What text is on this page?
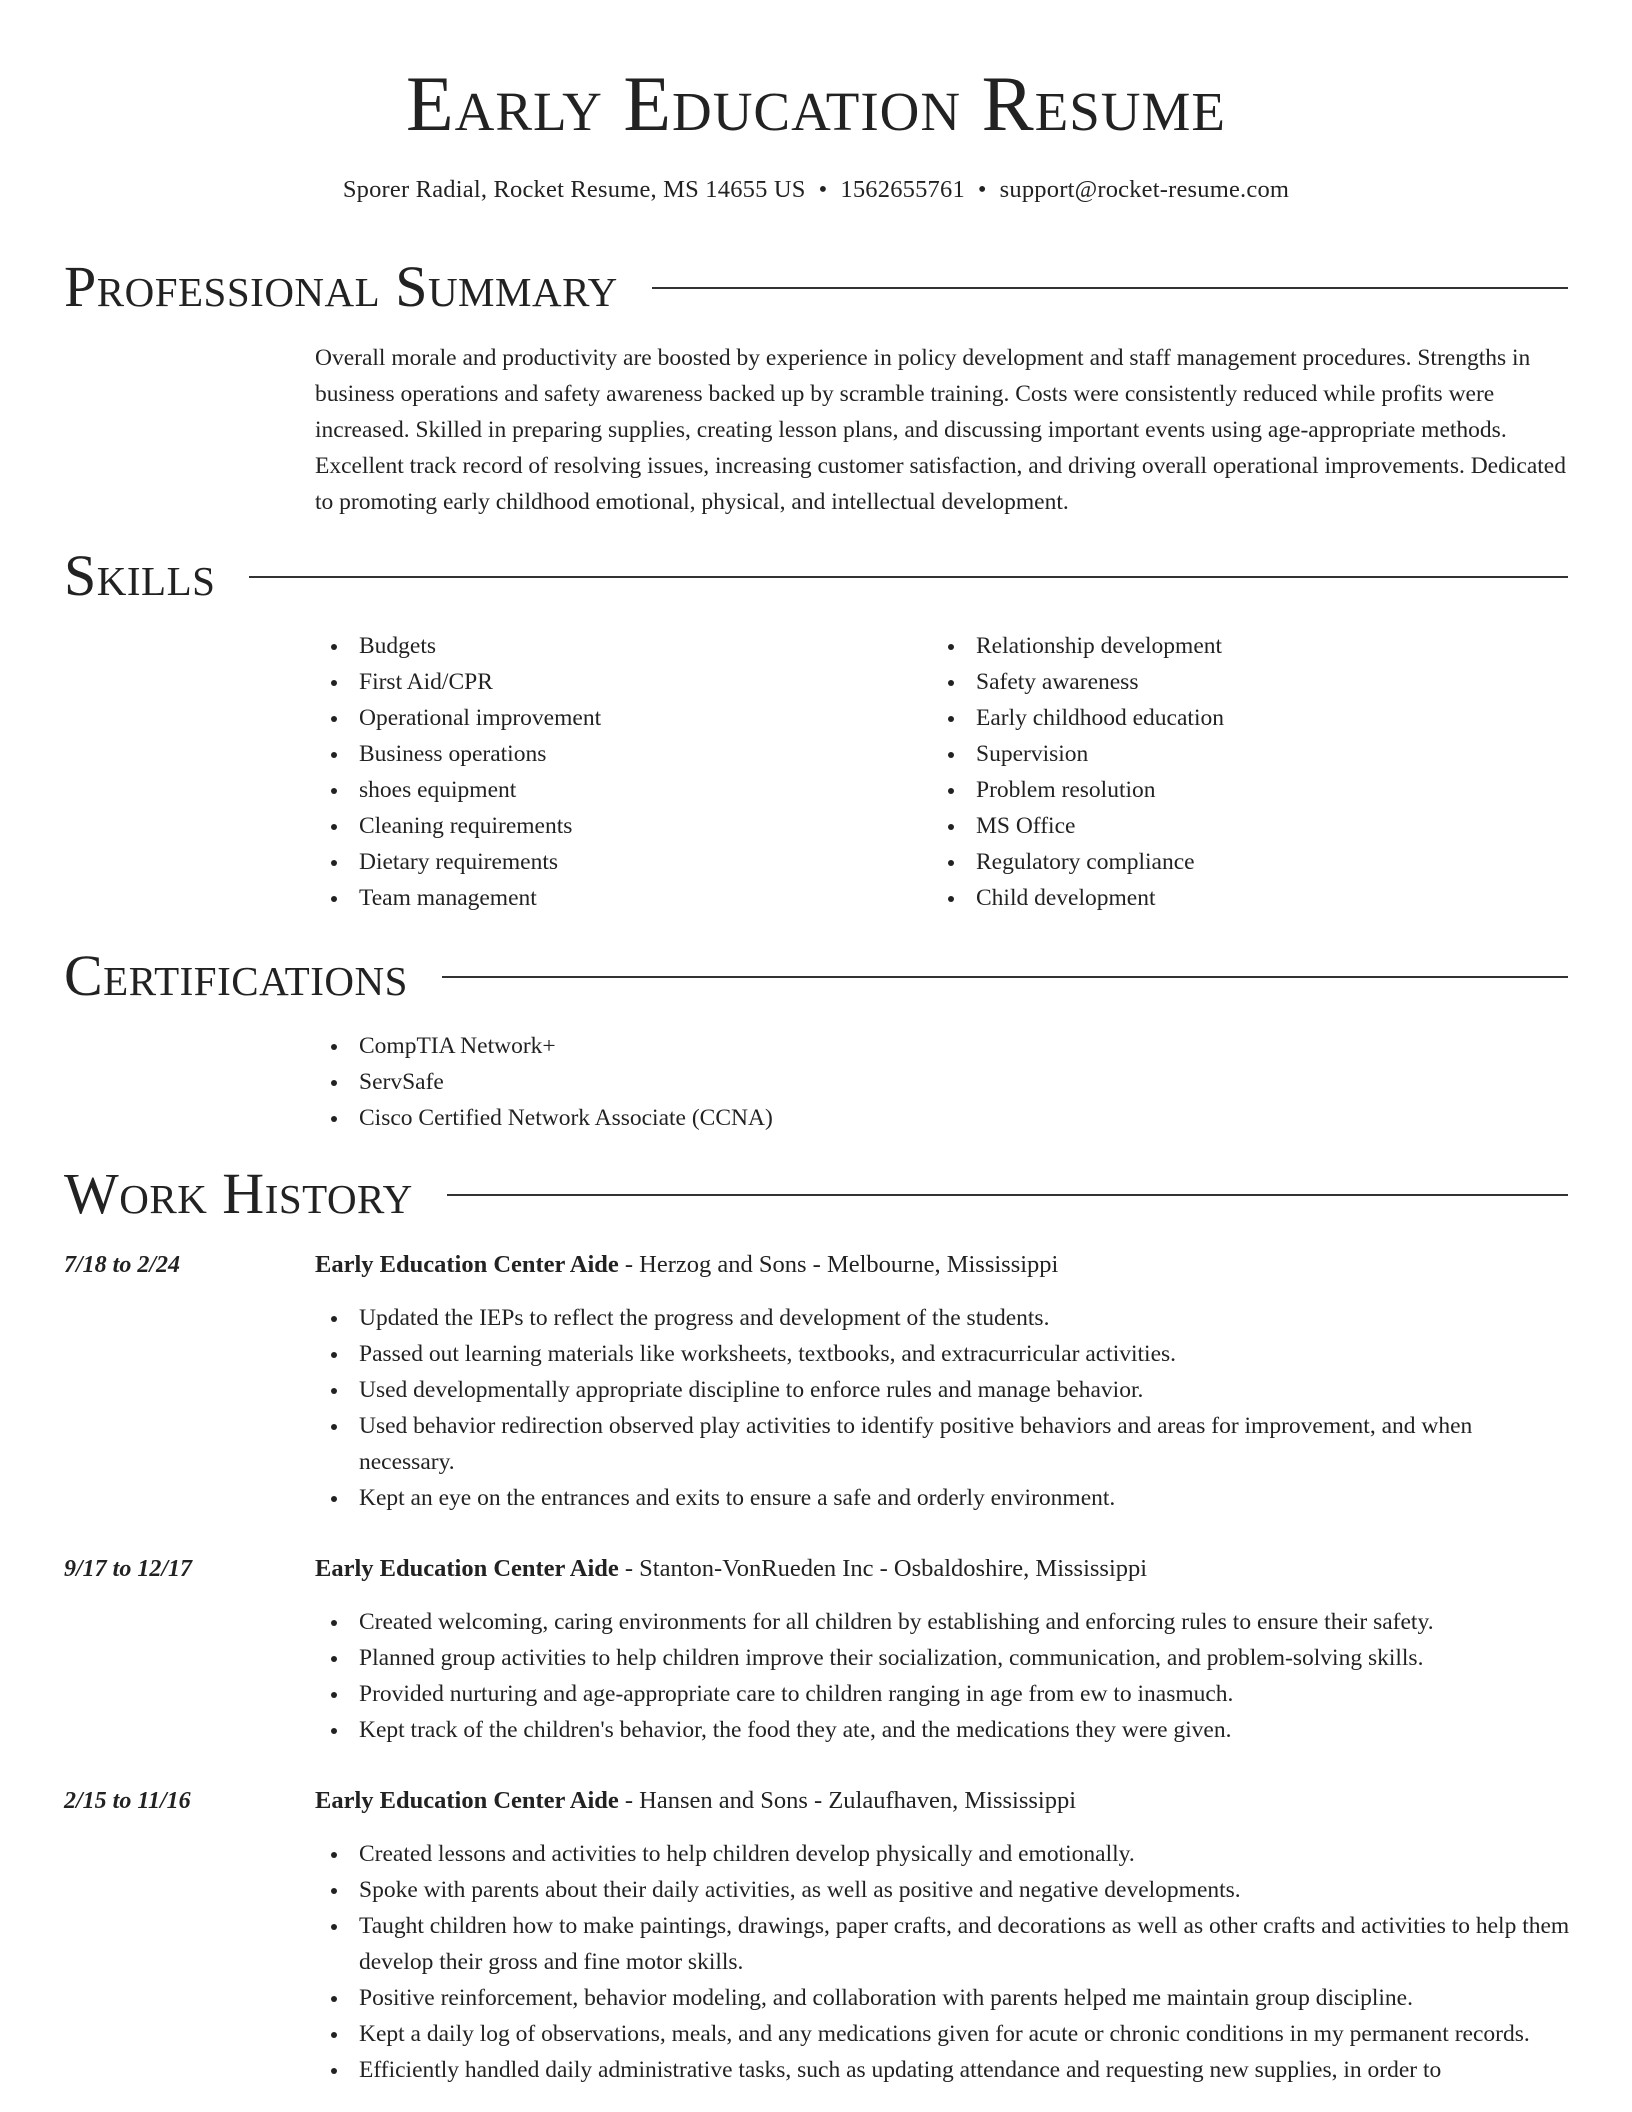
Early Education Resume
Sporer Radial, Rocket Resume, MS 14655 US • 1562655761 • support@rocket-resume.com
Professional Summary

Overall morale and productivity are boosted by experience in policy development and staff management procedures. Strengths in business operations and safety awareness backed up by scramble training. Costs were consistently reduced while profits were increased. Skilled in preparing supplies, creating lesson plans, and discussing important events using age-appropriate methods. Excellent track record of resolving issues, increasing customer satisfaction, and driving overall operational improvements. Dedicated to promoting early childhood emotional, physical, and intellectual development.

Skills
Budgets
First Aid/CPR
Operational improvement
Business operations
shoes equipment
Cleaning requirements
Dietary requirements
Team management
Relationship development
Safety awareness
Early childhood education
Supervision
Problem resolution
MS Office
Regulatory compliance
Child development
Certifications
CompTIA Network+
ServSafe
Cisco Certified Network Associate (CCNA)
Work History
7/18 to 2/24	Early Education Center Aide - Herzog and Sons - Melbourne, Mississippi
Updated the IEPs to reflect the progress and development of the students.
Passed out learning materials like worksheets, textbooks, and extracurricular activities.
Used developmentally appropriate discipline to enforce rules and manage behavior.
Used behavior redirection observed play activities to identify positive behaviors and areas for improvement, and when necessary.
Kept an eye on the entrances and exits to ensure a safe and orderly environment.
9/17 to 12/17	Early Education Center Aide - Stanton-VonRueden Inc - Osbaldoshire, Mississippi
Created welcoming, caring environments for all children by establishing and enforcing rules to ensure their safety.
Planned group activities to help children improve their socialization, communication, and problem-solving skills.
Provided nurturing and age-appropriate care to children ranging in age from ew to inasmuch.
Kept track of the children's behavior, the food they ate, and the medications they were given.
2/15 to 11/16	Early Education Center Aide - Hansen and Sons - Zulaufhaven, Mississippi
Created lessons and activities to help children develop physically and emotionally.
Spoke with parents about their daily activities, as well as positive and negative developments.
Taught children how to make paintings, drawings, paper crafts, and decorations as well as other crafts and activities to help them develop their gross and fine motor skills.
Positive reinforcement, behavior modeling, and collaboration with parents helped me maintain group discipline.
Kept a daily log of observations, meals, and any medications given for acute or chronic conditions in my permanent records.
Efficiently handled daily administrative tasks, such as updating attendance and requesting new supplies, in order to
